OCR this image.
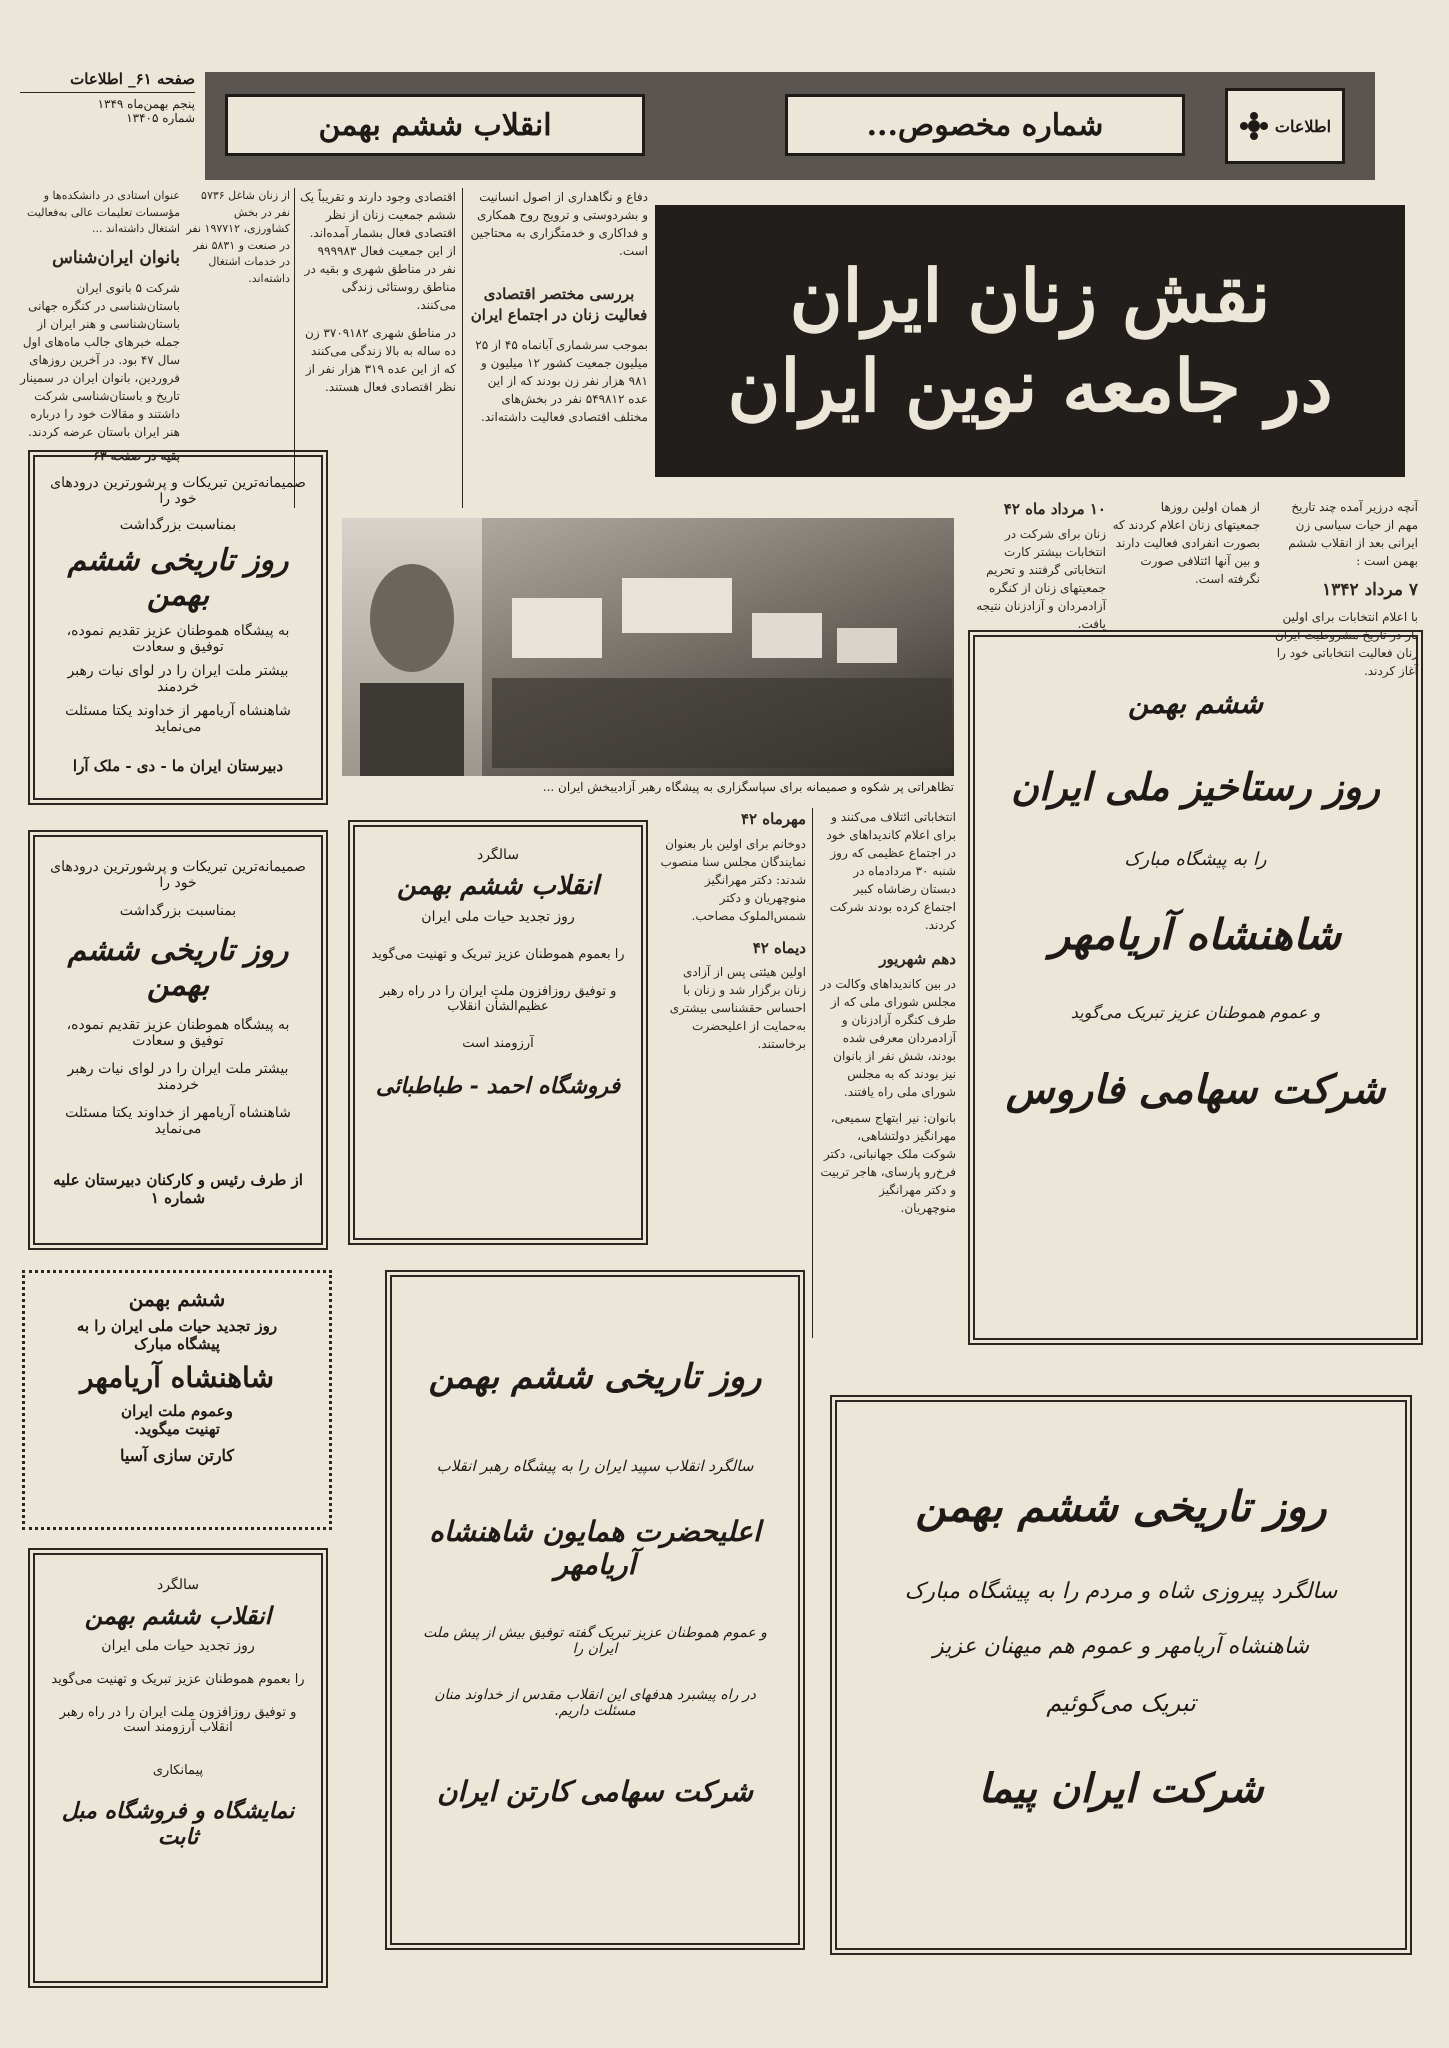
صفحه ۶۱_ اطلاعات
پنجم بهمن‌ماه ۱۳۴۹
شماره ۱۳۴۰۵	انقلاب ششم بهمن	شماره مخصوص...	اطلاعات
نقش زنان ایران
در جامعه نوین ایران
دفاع و نگاهداری از اصول انسانیت و بشردوستی و ترویج روح همکاری و فداکاری و خدمتگزاری به محتاجین است.
بررسی مختصر اقتصادی فعالیت زنان در اجتماع ایران
بموجب سرشماری آبانماه ۴۵ از ۲۵ میلیون جمعیت کشور ۱۲ میلیون و ۹۸۱ هزار نفر زن بودند که از این عده ۵۴۹۸۱۲ نفر در بخش‌های مختلف اقتصادی فعالیت داشته‌اند.
اقتصادی وجود دارند و تقریباً یک ششم جمعیت زنان از نظر اقتصادی فعال بشمار آمده‌اند. از این جمعیت فعال ۹۹۹۹۸۳ نفر در مناطق شهری و بقیه در مناطق روستائی زندگی می‌کنند.
در مناطق شهری ۳۷۰۹۱۸۲ زن ده ساله به بالا زندگی می‌کنند که از این عده ۳۱۹ هزار نفر از نظر اقتصادی فعال هستند.
از زنان شاغل ۵۷۳۶ نفر در بخش کشاورزی، ۱۹۷۷۱۲ نفر در صنعت و ۵۸۳۱ نفر در خدمات اشتغال داشته‌اند.
عنوان استادی در دانشکده‌ها و مؤسسات تعلیمات عالی به‌فعالیت اشتغال داشته‌اند ...
بانوان ایران‌شناس
شرکت ۵ بانوی ایران باستان‌شناسی در کنگره جهانی باستان‌شناسی و هنر ایران از جمله خبرهای جالب ماه‌های اول سال ۴۷ بود. در آخرین روزهای فروردین، بانوان ایران در سمینار تاریخ و باستان‌شناسی شرکت داشتند و مقالات خود را درباره هنر ایران باستان عرضه کردند.
بقیه در صفحه ۶۳
صمیمانه‌ترین تبریکات و پرشورترین درودهای خود را
بمناسبت بزرگداشت
روز تاریخی ششم بهمن
به پیشگاه هموطنان عزیز تقدیم نموده، توفیق و سعادت
بیشتر ملت ایران را در لوای نیات رهبر خردمند
شاهنشاه آریامهر از خداوند یکتا مسئلت می‌نماید
دبیرستان ایران ما - دی - ملک آرا
صمیمانه‌ترین تبریکات و پرشورترین درودهای خود را
بمناسبت بزرگداشت
روز تاریخی ششم بهمن
به پیشگاه هموطنان عزیز تقدیم نموده، توفیق و سعادت
بیشتر ملت ایران را در لوای نیات رهبر خردمند
شاهنشاه آریامهر از خداوند یکتا مسئلت می‌نماید
از طرف رئیس و کارکنان دبیرستان علیه شماره ۱
ششم بهمن
روز تجدید حیات ملی ایران را به
پیشگاه مبارک
شاهنشاه آریامهر
وعموم ملت ایران
تهنیت میگوید.
کارتن سازی آسیا
سالگرد
انقلاب ششم بهمن
روز تجدید حیات ملی ایران
را بعموم هموطنان عزیز تبریک و تهنیت می‌گوید
و توفیق روزافزون ملت ایران را در راه رهبر انقلاب آرزومند است
پیمانکاری
نمایشگاه و فروشگاه مبل ثابت
تظاهراتی پر شکوه و صمیمانه برای سپاسگزاری به پیشگاه رهبر آزادیبخش ایران ...
آنچه درزیر آمده چند تاریخ مهم از حیات سیاسی زن ایرانی بعد از انقلاب ششم بهمن است :
۷ مرداد ۱۳۴۲
با اعلام انتخابات برای اولین بار در تاریخ مشروطیت ایران زنان فعالیت انتخاباتی خود را آغاز کردند.
از همان اولین روزها جمعیتهای زنان اعلام کردند که بصورت انفرادی فعالیت دارند و بین آنها ائتلافی صورت نگرفته است.
۱۰ مرداد ماه ۴۲
زنان برای شرکت در انتخابات بیشتر کارت انتخاباتی گرفتند و تحریم جمعیتهای زنان از کنگره آزادمردان و آزادزنان نتیجه یافت.
انتخاباتی ائتلاف می‌کنند و برای اعلام کاندیداهای خود در اجتماع عظیمی که روز شنبه ۳۰ مردادماه در دبستان رضاشاه کبیر اجتماع کرده بودند شرکت کردند.
دهم شهریور
در بین کاندیداهای وکالت در مجلس شورای ملی که از طرف کنگره آزادزنان و آزادمردان معرفی شده بودند، شش نفر از بانوان نیز بودند که به مجلس شورای ملی راه یافتند.
بانوان: نیر ابتهاج سمیعی، مهرانگیز دولتشاهی، شوکت ملک جهانبانی، دکتر فرخ‌رو پارسای، هاجر تربیت و دکتر مهرانگیز منوچهریان.
مهرماه ۴۲
دوخانم برای اولین بار بعنوان نمایندگان مجلس سنا منصوب شدند: دکتر مهرانگیز منوچهریان و دکتر شمس‌الملوک مصاحب.
دیماه ۴۲
اولین هیئتی پس از آزادی زنان برگزار شد و زنان با احساس حقشناسی بیشتری به‌حمایت از اعلیحضرت برخاستند.
سالگرد
انقلاب ششم بهمن
روز تجدید حیات ملی ایران
را بعموم هموطنان عزیز تبریک و تهنیت می‌گوید
و توفیق روزافزون ملت ایران را در راه رهبر عظیم‌الشأن انقلاب
آرزومند است
فروشگاه احمد - طباطبائی
ششم بهمن
روز رستاخیز ملی ایران
را به پیشگاه مبارک
شاهنشاه آریامهر
و عموم هموطنان عزیز تبریک می‌گوید
شرکت سهامی فاروس
روز تاریخی ششم بهمن
سالگرد انقلاب سپید ایران را به پیشگاه رهبر انقلاب
اعلیحضرت همایون شاهنشاه آریامهر
و عموم هموطنان عزیز تبریک گفته توفیق بیش از پیش ملت ایران را
در راه پیشبرد هدفهای این انقلاب مقدس از خداوند منان مسئلت داریم.
شرکت سهامی کارتن ایران
روز تاریخی ششم بهمن
سالگرد پیروزی شاه و مردم را به پیشگاه مبارک
شاهنشاه آریامهر و عموم هم میهنان عزیز
تبریک می‌گوئیم
شرکت ایران پیما
